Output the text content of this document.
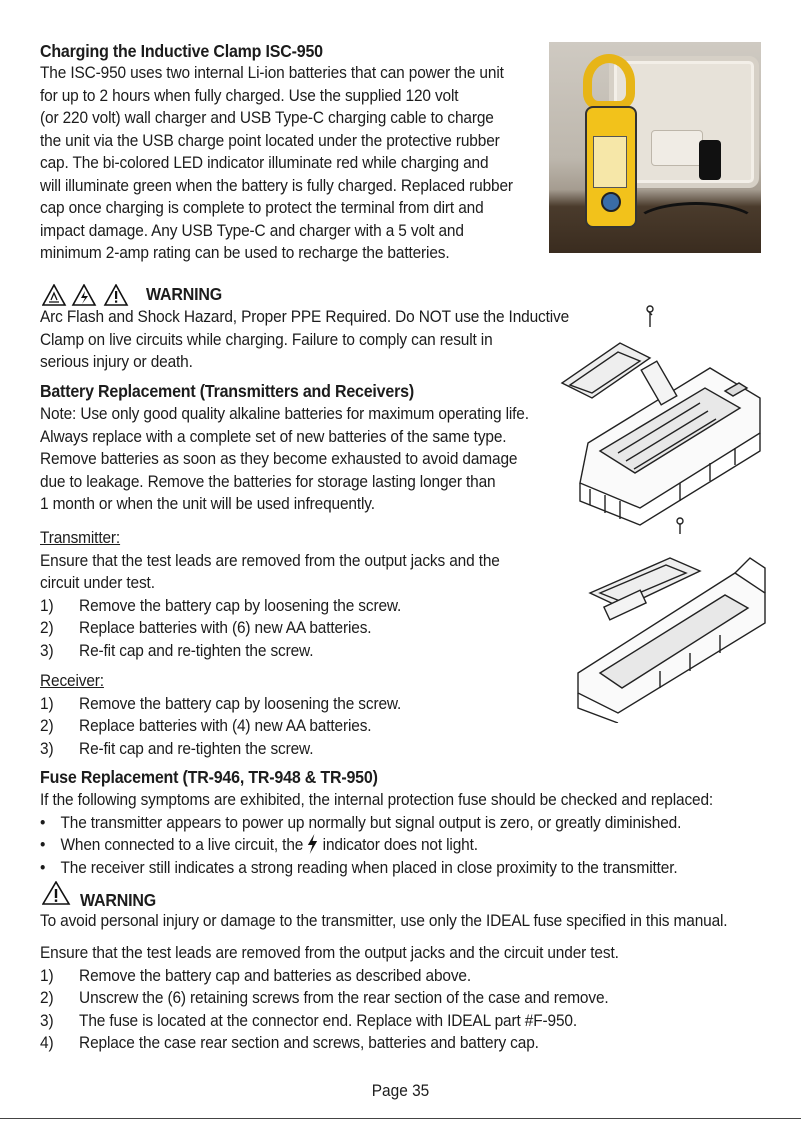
Charging the Inductive Clamp ISC-950
The ISC-950 uses two internal Li-ion batteries that can power the unit
for up to 2 hours when fully charged. Use the supplied 120 volt
(or 220 volt) wall charger and USB Type-C charging cable to charge
the unit via the USB charge point located under the protective rubber
cap. The bi-colored LED indicator illuminate red while charging and
will illuminate green when the battery is fully charged. Replaced rubber
cap once charging is complete to protect the terminal from dirt and
impact damage. Any USB Type-C and charger with a 5 volt and
minimum 2-amp rating can be used to recharge the batteries.
WARNING
Arc Flash and Shock Hazard, Proper PPE Required. Do NOT use the Inductive
Clamp on live circuits while charging. Failure to comply can result in
serious injury or death.
Battery Replacement (Transmitters and Receivers)
Note: Use only good quality alkaline batteries for maximum operating life.
Always replace with a complete set of new batteries of the same type.
Remove batteries as soon as they become exhausted to avoid damage
due to leakage. Remove the batteries for storage lasting longer than
1 month or when the unit will be used infrequently.
Transmitter:
Ensure that the test leads are removed from the output jacks and the
circuit under test.
1) Remove the battery cap by loosening the screw.
2) Replace batteries with (6) new AA batteries.
3) Re-fit cap and re-tighten the screw.
Receiver:
1) Remove the battery cap by loosening the screw.
2) Replace batteries with (4) new AA batteries.
3) Re-fit cap and re-tighten the screw.
Fuse Replacement (TR-946, TR-948 & TR-950)
If the following symptoms are exhibited, the internal protection fuse should be checked and replaced:
• The transmitter appears to power up normally but signal output is zero, or greatly diminished.
• When connected to a live circuit, the indicator does not light.
• The receiver still indicates a strong reading when placed in close proximity to the transmitter.
WARNING
To avoid personal injury or damage to the transmitter, use only the IDEAL fuse specified in this manual.
Ensure that the test leads are removed from the output jacks and the circuit under test.
1) Remove the battery cap and batteries as described above.
2) Unscrew the (6) retaining screws from the rear section of the case and remove.
3) The fuse is located at the connector end. Replace with IDEAL part #F-950.
4) Replace the case rear section and screws, batteries and battery cap.
Page 35
